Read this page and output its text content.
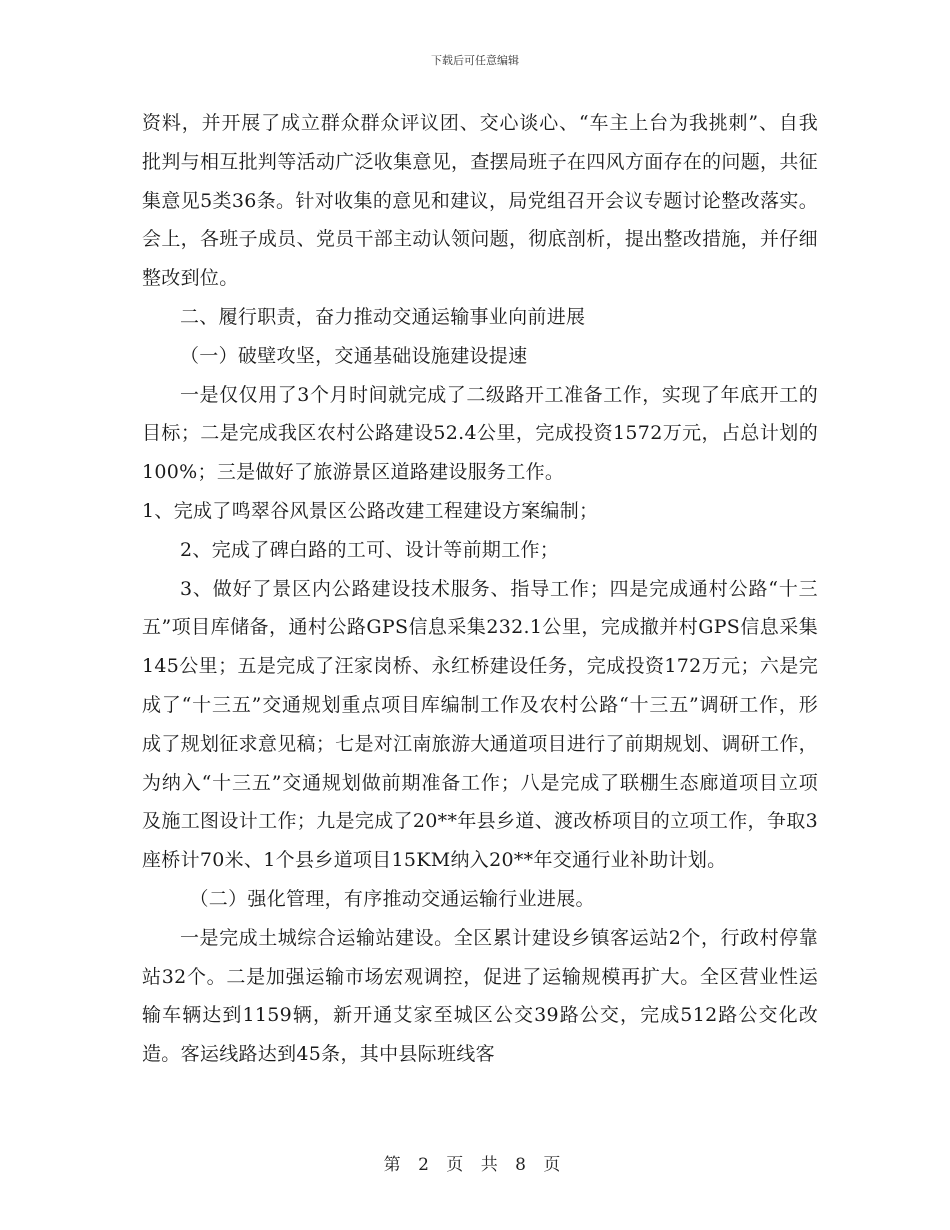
下载后可任意编辑

资料，并开展了成立群众群众评议团、交心谈心、“车主上台为我挑刺”、自我批判与相互批判等活动广泛收集意见，查摆局班子在四风方面存在的问题，共征集意见5类36条。针对收集的意见和建议，局党组召开会议专题讨论整改落实。会上，各班子成员、党员干部主动认领问题，彻底剖析，提出整改措施，并仔细整改到位。

二、履行职责，奋力推动交通运输事业向前进展

（一）破壁攻坚，交通基础设施建设提速

一是仅仅用了3个月时间就完成了二级路开工准备工作，实现了年底开工的目标；二是完成我区农村公路建设52.4公里，完成投资1572万元，占总计划的100%；三是做好了旅游景区道路建设服务工作。

1、完成了鸣翠谷风景区公路改建工程建设方案编制；

2、完成了碑白路的工可、设计等前期工作；

3、做好了景区内公路建设技术服务、指导工作；四是完成通村公路“十三五”项目库储备，通村公路GPS信息采集232.1公里，完成撤并村GPS信息采集145公里；五是完成了汪家岗桥、永红桥建设任务，完成投资172万元；六是完成了“十三五”交通规划重点项目库编制工作及农村公路“十三五”调研工作，形成了规划征求意见稿；七是对江南旅游大通道项目进行了前期规划、调研工作，为纳入“十三五”交通规划做前期准备工作；八是完成了联棚生态廊道项目立项及施工图设计工作；九是完成了20**年县乡道、渡改桥项目的立项工作，争取3座桥计70米、1个县乡道项目15KM纳入20**年交通行业补助计划。

（二）强化管理，有序推动交通运输行业进展。

一是完成土城综合运输站建设。全区累计建设乡镇客运站2个，行政村停靠站32个。二是加强运输市场宏观调控，促进了运输规模再扩大。全区营业性运输车辆达到1159辆，新开通艾家至城区公交39路公交，完成512路公交化改造。客运线路达到45条，其中县际班线客

第 2 页 共 8 页
